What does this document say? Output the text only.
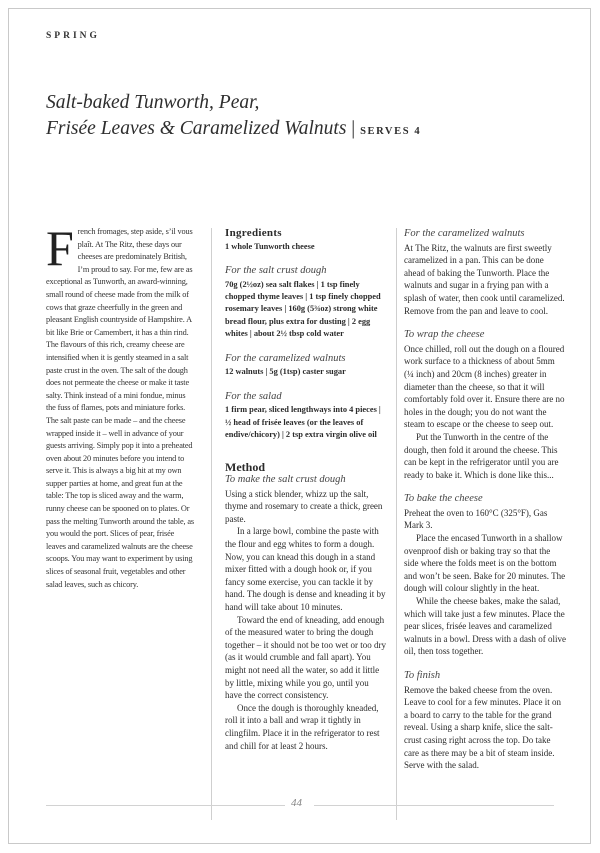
SPRING
Salt-baked Tunworth, Pear,
Frisée Leaves & Caramelized Walnuts | SERVES 4
F rench fromages, step aside, s’il vous plaît. At The Ritz, these days our cheeses are predominately British, I’m proud to say. For me, few are as exceptional as Tunworth, an award-winning, small round of cheese made from the milk of cows that graze cheerfully in the green and pleasant English countryside of Hampshire. A bit like Brie or Camembert, it has a thin rind. The flavours of this rich, creamy cheese are intensified when it is gently steamed in a salt paste crust in the oven. The salt of the dough does not permeate the cheese or make it taste salty. Think instead of a mini fondue, minus the fuss of flames, pots and miniature forks. The salt paste can be made – and the cheese wrapped inside it – well in advance of your guests arriving. Simply pop it into a preheated oven about 20 minutes before you intend to serve it. This is always a big hit at my own supper parties at home, and great fun at the table: The top is sliced away and the warm, runny cheese can be spooned on to plates. Or pass the melting Tunworth around the table, as you would the port. Slices of pear, frisée leaves and caramelized walnuts are the cheese scoops. You may want to experiment by using slices of seasonal fruit, vegetables and other salad leaves, such as chicory.
Ingredients
1 whole Tunworth cheese
For the salt crust dough
70g (2½oz) sea salt flakes | 1 tsp finely chopped thyme leaves | 1 tsp finely chopped rosemary leaves | 160g (5¾oz) strong white bread flour, plus extra for dusting | 2 egg whites | about 2½ tbsp cold water
For the caramelized walnuts
12 walnuts | 5g (1tsp) caster sugar
For the salad
1 firm pear, sliced lengthways into 4 pieces | ½ head of frisée leaves (or the leaves of endive/chicory) | 2 tsp extra virgin olive oil
Method
To make the salt crust dough

Using a stick blender, whizz up the salt, thyme and rosemary to create a thick, green paste.

In a large bowl, combine the paste with the flour and egg whites to form a dough. Now, you can knead this dough in a stand mixer fitted with a dough hook or, if you fancy some exercise, you can tackle it by hand. The dough is dense and kneading it by hand will take about 10 minutes.

Toward the end of kneading, add enough of the measured water to bring the dough together – it should not be too wet or too dry (as it would crumble and fall apart). You might not need all the water, so add it little by little, mixing while you go, until you have the correct consistency.

Once the dough is thoroughly kneaded, roll it into a ball and wrap it tightly in clingfilm. Place it in the refrigerator to rest and chill for at least 2 hours.

For the caramelized walnuts

At The Ritz, the walnuts are first sweetly caramelized in a pan. This can be done ahead of baking the Tunworth. Place the walnuts and sugar in a frying pan with a splash of water, then cook until caramelized. Remove from the pan and leave to cool.

To wrap the cheese

Once chilled, roll out the dough on a floured work surface to a thickness of about 5mm (¼ inch) and 20cm (8 inches) greater in diameter than the cheese, so that it will comfortably fold over it. Ensure there are no holes in the dough; you do not want the steam to escape or the cheese to seep out.

Put the Tunworth in the centre of the dough, then fold it around the cheese. This can be kept in the refrigerator until you are ready to bake it. Which is done like this...

To bake the cheese

Preheat the oven to 160°C (325°F), Gas Mark 3.

Place the encased Tunworth in a shallow ovenproof dish or baking tray so that the side where the folds meet is on the bottom and won’t be seen. Bake for 20 minutes. The dough will colour slightly in the heat.

While the cheese bakes, make the salad, which will take just a few minutes. Place the pear slices, frisée leaves and caramelized walnuts in a bowl. Dress with a dash of olive oil, then toss together.

To finish

Remove the baked cheese from the oven. Leave to cool for a few minutes. Place it on a board to carry to the table for the grand reveal. Using a sharp knife, slice the salt-crust casing right across the top. Do take care as there may be a bit of steam inside. Serve with the salad.

44
